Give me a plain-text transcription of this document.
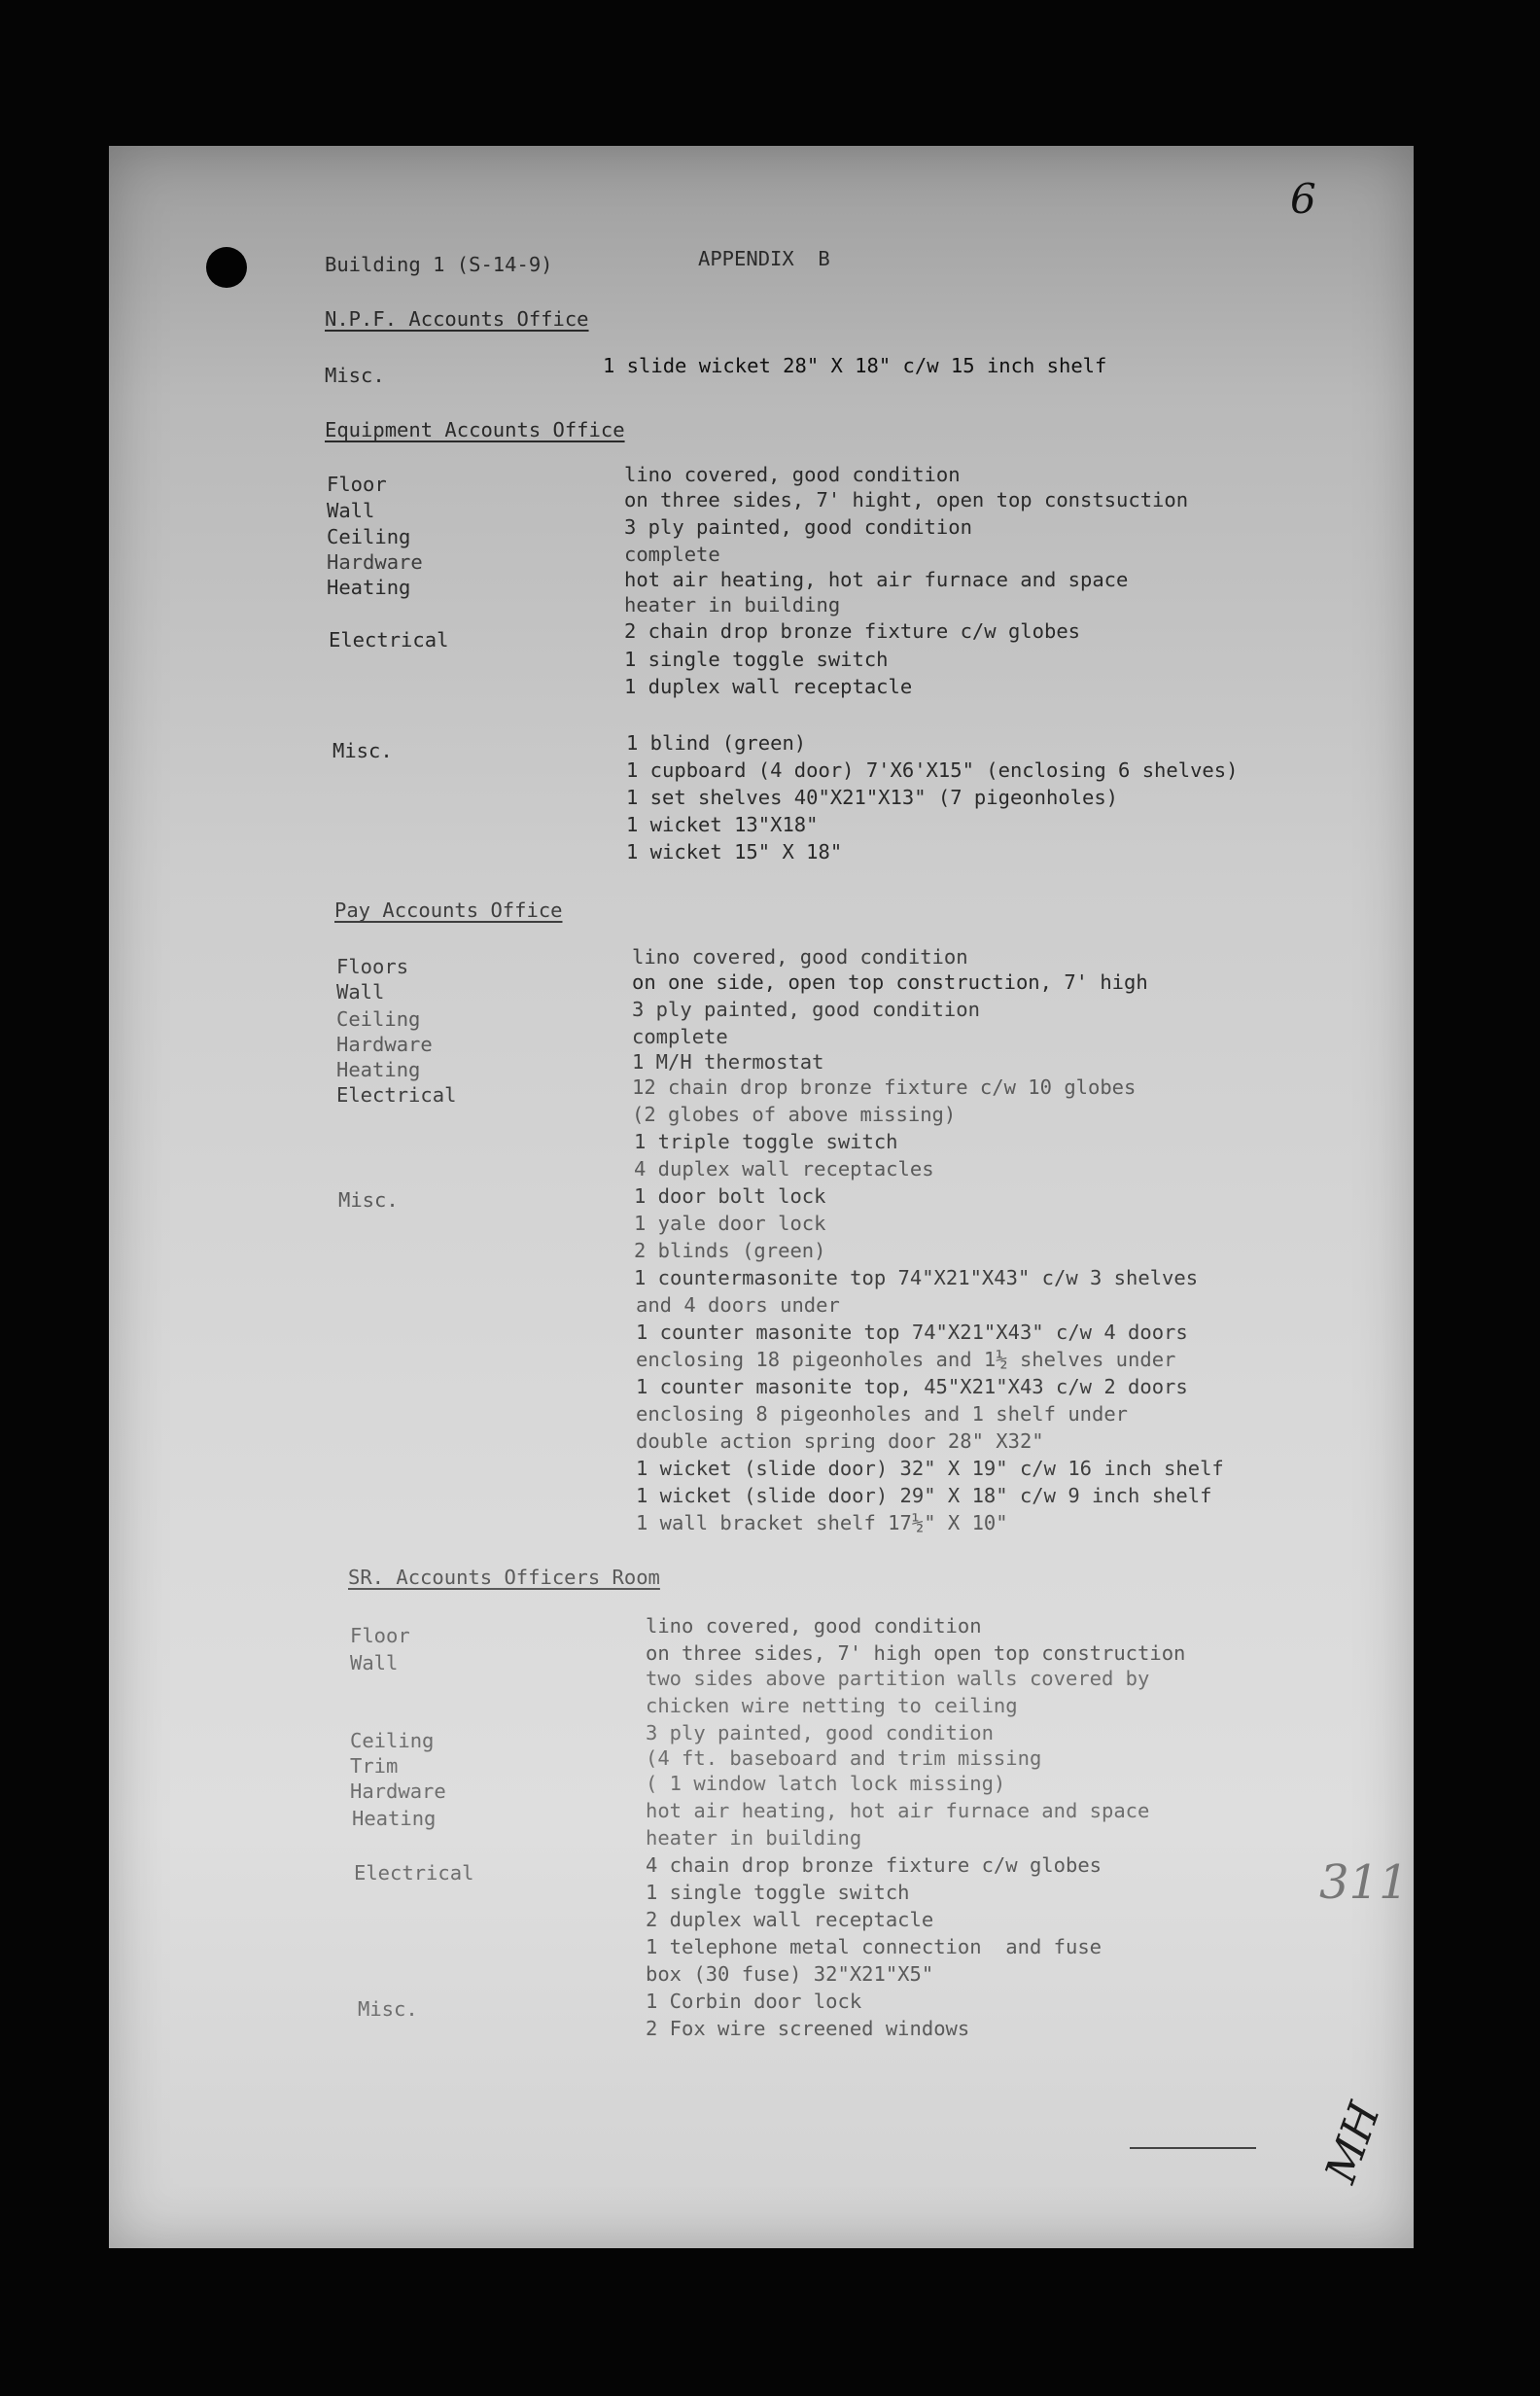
6
Building 1 (S-14-9)	APPENDIX  B
N.P.F. Accounts Office
Misc.	1 slide wicket 28" X 18" c/w 15 inch shelf
Equipment Accounts Office
Floor
Wall
Ceiling
Hardware
Heating
Electrical
Misc.
lino covered, good condition
on three sides, 7' hight, open top constsuction
3 ply painted, good condition
complete
hot air heating, hot air furnace and space
heater in building
2 chain drop bronze fixture c/w globes
1 single toggle switch
1 duplex wall receptacle
1 blind (green)
1 cupboard (4 door) 7'X6'X15" (enclosing 6 shelves)
1 set shelves 40"X21"X13" (7 pigeonholes)
1 wicket 13"X18"
1 wicket 15" X 18"
Pay Accounts Office
Floors
Wall
Ceiling
Hardware
Heating
Electrical
Misc.
lino covered, good condition
on one side, open top construction, 7' high
3 ply painted, good condition
complete
1 M/H thermostat
12 chain drop bronze fixture c/w 10 globes
(2 globes of above missing)
1 triple toggle switch
4 duplex wall receptacles
1 door bolt lock
1 yale door lock
2 blinds (green)
1 countermasonite top 74"X21"X43" c/w 3 shelves
and 4 doors under
1 counter masonite top 74"X21"X43" c/w 4 doors
enclosing 18 pigeonholes and 1½ shelves under
1 counter masonite top, 45"X21"X43 c/w 2 doors
enclosing 8 pigeonholes and 1 shelf under
double action spring door 28" X32"
1 wicket (slide door) 32" X 19" c/w 16 inch shelf
1 wicket (slide door) 29" X 18" c/w 9 inch shelf
1 wall bracket shelf 17½" X 10"
SR. Accounts Officers Room
Floor
Wall
Ceiling
Trim
Hardware
Heating
Electrical
Misc.
lino covered, good condition
on three sides, 7' high open top construction
two sides above partition walls covered by
chicken wire netting to ceiling
3 ply painted, good condition
(4 ft. baseboard and trim missing
( 1 window latch lock missing)
hot air heating, hot air furnace and space
heater in building
4 chain drop bronze fixture c/w globes
1 single toggle switch
2 duplex wall receptacle
1 telephone metal connection  and fuse
box (30 fuse) 32"X21"X5"
1 Corbin door lock
2 Fox wire screened windows
311
MH
